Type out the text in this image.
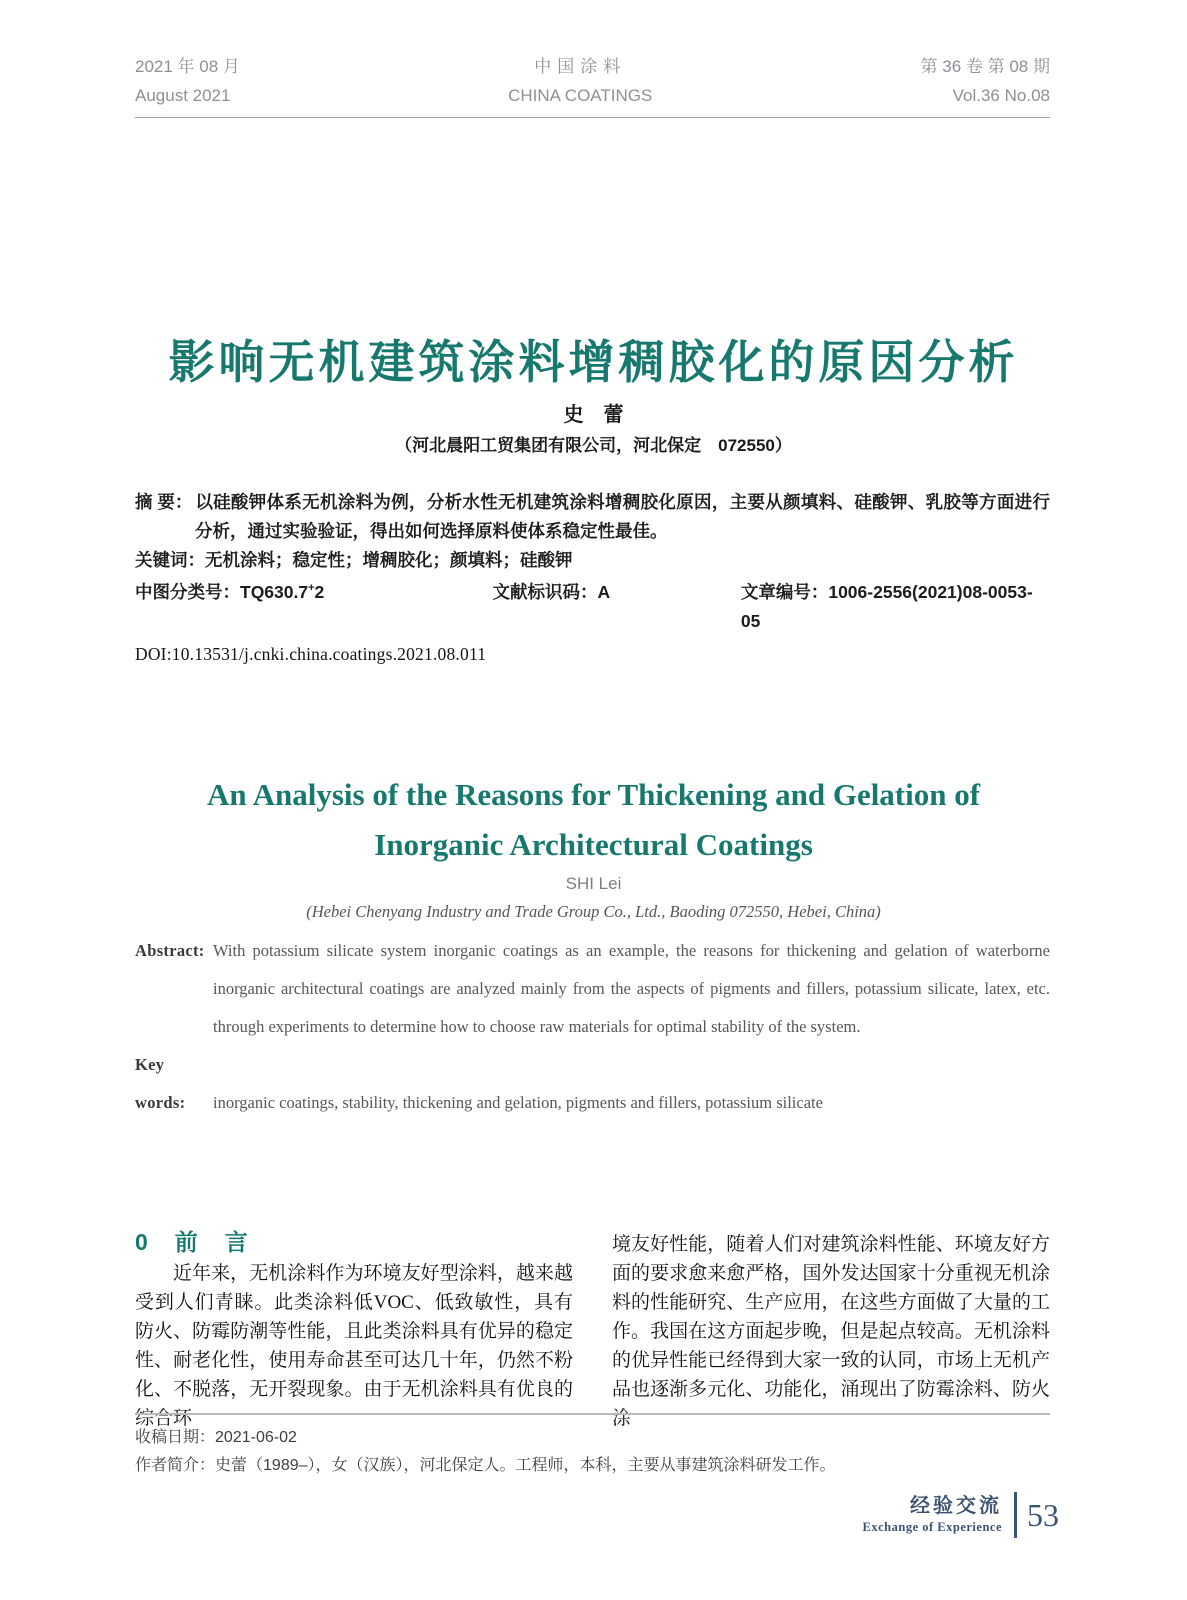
2021 年 08 月
August 2021
中国涂料
CHINA COATINGS
第 36 卷 第 08 期
Vol.36 No.08
影响无机建筑涂料增稠胶化的原因分析
史　蕾
（河北晨阳工贸集团有限公司，河北保定　072550）

摘 要： 以硅酸钾体系无机涂料为例，分析水性无机建筑涂料增稠胶化原因，主要从颜填料、硅酸钾、乳胶等方面进行分析，通过实验验证，得出如何选择原料使体系稳定性最佳。

关键词：无机涂料；稳定性；增稠胶化；颜填料；硅酸钾

中图分类号：TQ630.7+2	文献标识码：A	文章编号：1006-2556(2021)08-0053-05
DOI:10.13531/j.cnki.china.coatings.2021.08.011
An Analysis of the Reasons for Thickening and Gelation of
Inorganic Architectural Coatings
SHI Lei
(Hebei Chenyang Industry and Trade Group Co., Ltd., Baoding 072550, Hebei, China)

Abstract: With potassium silicate system inorganic coatings as an example, the reasons for thickening and gelation of waterborne inorganic architectural coatings are analyzed mainly from the aspects of pigments and fillers, potassium silicate, latex, etc. through experiments to determine how to choose raw materials for optimal stability of the system.

Key words: inorganic coatings, stability, thickening and gelation, pigments and fillers, potassium silicate

0　前　言
近年来，无机涂料作为环境友好型涂料，越来越受到人们青睐。此类涂料低VOC、低致敏性，具有防火、防霉防潮等性能，且此类涂料具有优异的稳定性、耐老化性，使用寿命甚至可达几十年，仍然不粉化、不脱落，无开裂现象。由于无机涂料具有优良的综合环
境友好性能，随着人们对建筑涂料性能、环境友好方面的要求愈来愈严格，国外发达国家十分重视无机涂料的性能研究、生产应用，在这些方面做了大量的工作。我国在这方面起步晚，但是起点较高。无机涂料的优异性能已经得到大家一致的认同，市场上无机产品也逐渐多元化、功能化，涌现出了防霉涂料、防火涂

收稿日期：2021-06-02

作者简介：史蕾（1989–），女（汉族），河北保定人。工程师，本科，主要从事建筑涂料研发工作。

经验交流
Exchange of Experience 53
